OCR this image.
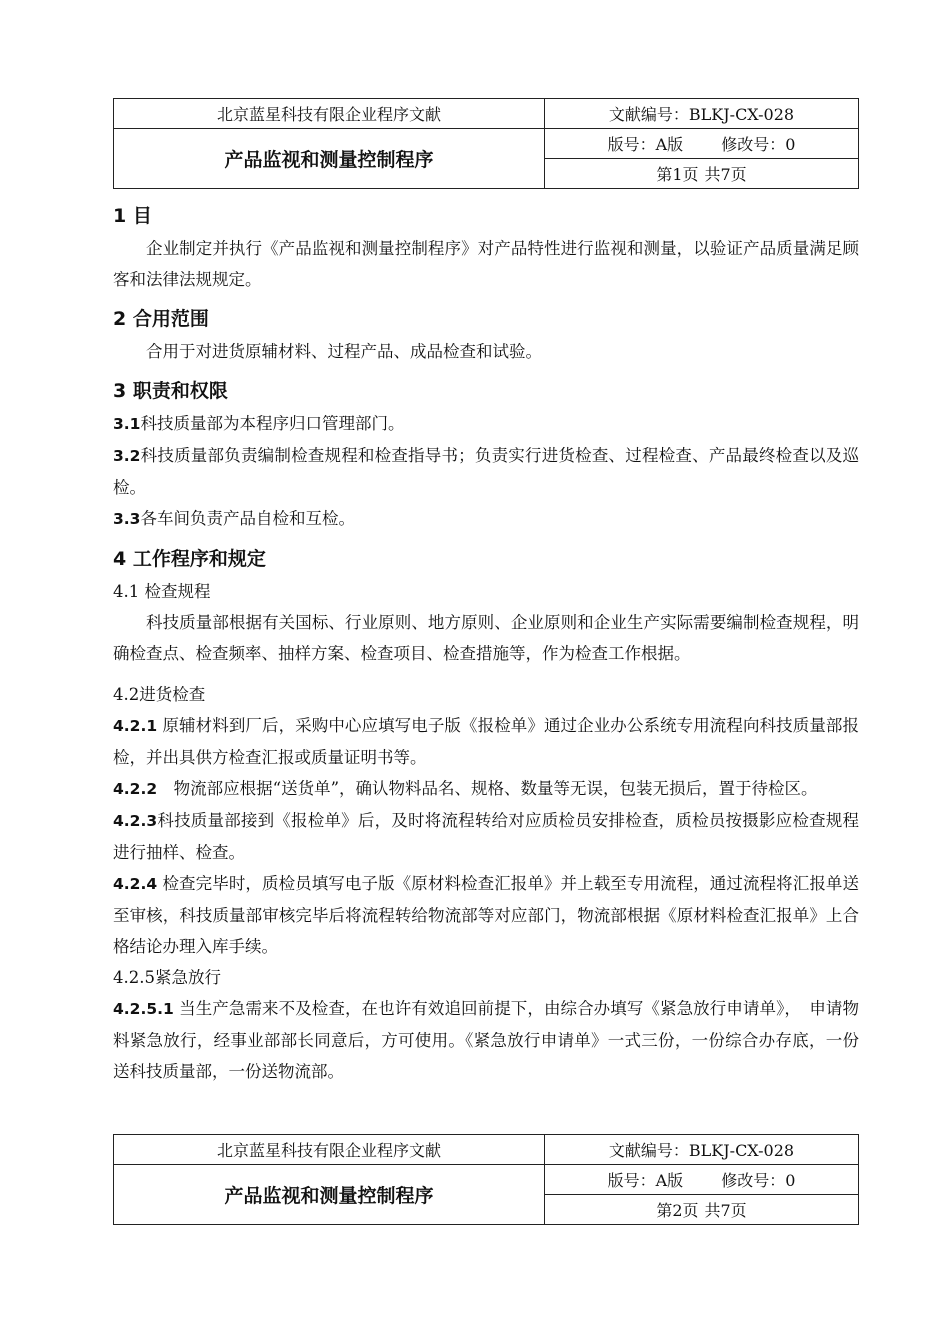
北京蓝星科技有限企业程序文献	文献编号：BLKJ-CX-028
产品监视和测量控制程序	版号：A版 修改号：0
	第1页 共7页
1 目

企业制定并执行《产品监视和测量控制程序》对产品特性进行监视和测量，以验证产品质量满足顾客和法律法规规定。

2 合用范围

合用于对进货原辅材料、过程产品、成品检查和试验。

3 职责和权限

3.1科技质量部为本程序归口管理部门。

3.2科技质量部负责编制检查规程和检查指导书；负责实行进货检查、过程检查、产品最终检查以及巡检。

3.3各车间负责产品自检和互检。

4 工作程序和规定

4.1 检查规程

科技质量部根据有关国标、行业原则、地方原则、企业原则和企业生产实际需要编制检查规程，明确检查点、检查频率、抽样方案、检查项目、检查措施等，作为检查工作根据。

4.2进货检查

4.2.1 原辅材料到厂后，采购中心应填写电子版《报检单》通过企业办公系统专用流程向科技质量部报检，并出具供方检查汇报或质量证明书等。

4.2.2　物流部应根据“送货单”，确认物料品名、规格、数量等无误，包装无损后，置于待检区。

4.2.3科技质量部接到《报检单》后，及时将流程转给对应质检员安排检查，质检员按摄影应检查规程进行抽样、检查。

4.2.4 检查完毕时，质检员填写电子版《原材料检查汇报单》并上载至专用流程，通过流程将汇报单送至审核，科技质量部审核完毕后将流程转给物流部等对应部门，物流部根据《原材料检查汇报单》上合格结论办理入库手续。

4.2.5紧急放行

4.2.5.1 当生产急需来不及检查，在也许有效追回前提下，由综合办填写《紧急放行申请单》，　申请物料紧急放行，经事业部部长同意后，方可使用。《紧急放行申请单》一式三份，一份综合办存底，一份送科技质量部，一份送物流部。

北京蓝星科技有限企业程序文献	文献编号：BLKJ-CX-028
产品监视和测量控制程序	版号：A版 修改号：0
	第2页 共7页
